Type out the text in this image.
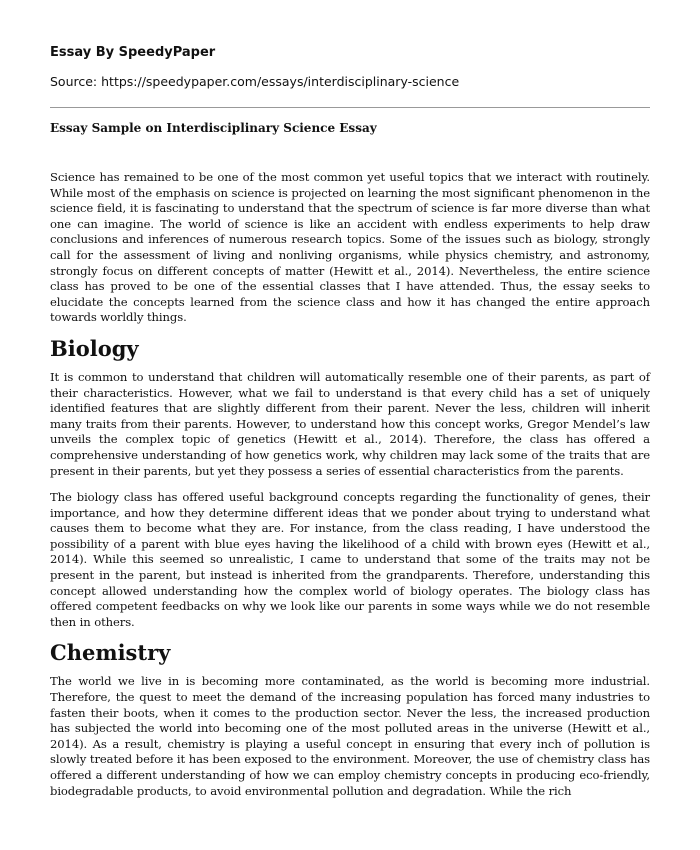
Essay By SpeedyPaper
Source: https://speedypaper.com/essays/interdisciplinary-science
Essay Sample on Interdisciplinary Science Essay

Science has remained to be one of the most common yet useful topics that we interact with routinely. While most of the emphasis on science is projected on learning the most significant phenomenon in the science field, it is fascinating to understand that the spectrum of science is far more diverse than what one can imagine. The world of science is like an accident with endless experiments to help draw conclusions and inferences of numerous research topics. Some of the issues such as biology, strongly call for the assessment of living and nonliving organisms, while physics chemistry, and astronomy, strongly focus on different concepts of matter (Hewitt et al., 2014). Nevertheless, the entire science class has proved to be one of the essential classes that I have attended. Thus, the essay seeks to elucidate the concepts learned from the science class and how it has changed the entire approach towards worldly things.

Biology

It is common to understand that children will automatically resemble one of their parents, as part of their characteristics. However, what we fail to understand is that every child has a set of uniquely identified features that are slightly different from their parent. Never the less, children will inherit many traits from their parents. However, to understand how this concept works, Gregor Mendel’s law unveils the complex topic of genetics (Hewitt et al., 2014). Therefore, the class has offered a comprehensive understanding of how genetics work, why children may lack some of the traits that are present in their parents, but yet they possess a series of essential characteristics from the parents.

The biology class has offered useful background concepts regarding the functionality of genes, their importance, and how they determine different ideas that we ponder about trying to understand what causes them to become what they are. For instance, from the class reading, I have understood the possibility of a parent with blue eyes having the likelihood of a child with brown eyes (Hewitt et al., 2014). While this seemed so unrealistic, I came to understand that some of the traits may not be present in the parent, but instead is inherited from the grandparents. Therefore, understanding this concept allowed understanding how the complex world of biology operates. The biology class has offered competent feedbacks on why we look like our parents in some ways while we do not resemble then in others.

Chemistry

The world we live in is becoming more contaminated, as the world is becoming more industrial. Therefore, the quest to meet the demand of the increasing population has forced many industries to fasten their boots, when it comes to the production sector. Never the less, the increased production has subjected the world into becoming one of the most polluted areas in the universe (Hewitt et al., 2014). As a result, chemistry is playing a useful concept in ensuring that every inch of pollution is slowly treated before it has been exposed to the environment. Moreover, the use of chemistry class has offered a different understanding of how we can employ chemistry concepts in producing eco-friendly, biodegradable products, to avoid environmental pollution and degradation. While the rich
